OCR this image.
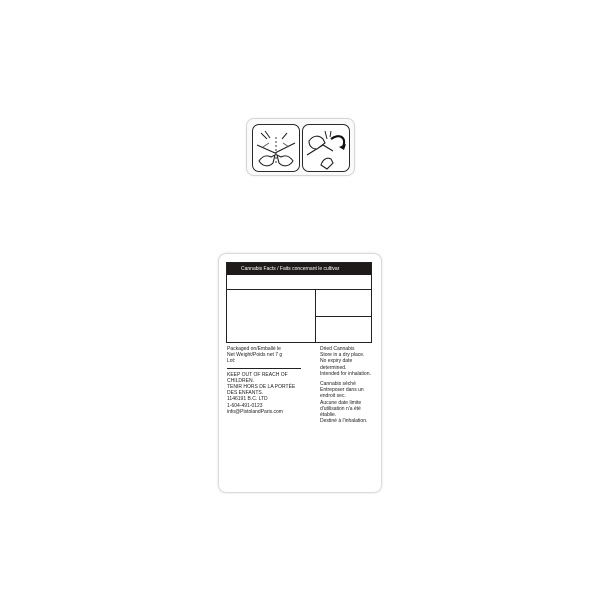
Cannabis Facts / Faits concernant le cultivar
Packaged on/Emballé le
Net Weight/Poids net 7 g
Lot:
KEEP OUT OF REACH OF
CHILDREN.
TENIR HORS DE LA PORTÉE
DES ENFANTS.
1146191 B.C. LTD
1-604-491-0123
info@PistolandParis.com
Dried Cannabis
Store in a dry place.
No expiry date
determined.
Intended for inhalation.
Cannabis séché
Entreposer dans un
endroit sec.
Aucune date limite
d'utilisation n'a été
établie.
Destiné à l'inhalation.
